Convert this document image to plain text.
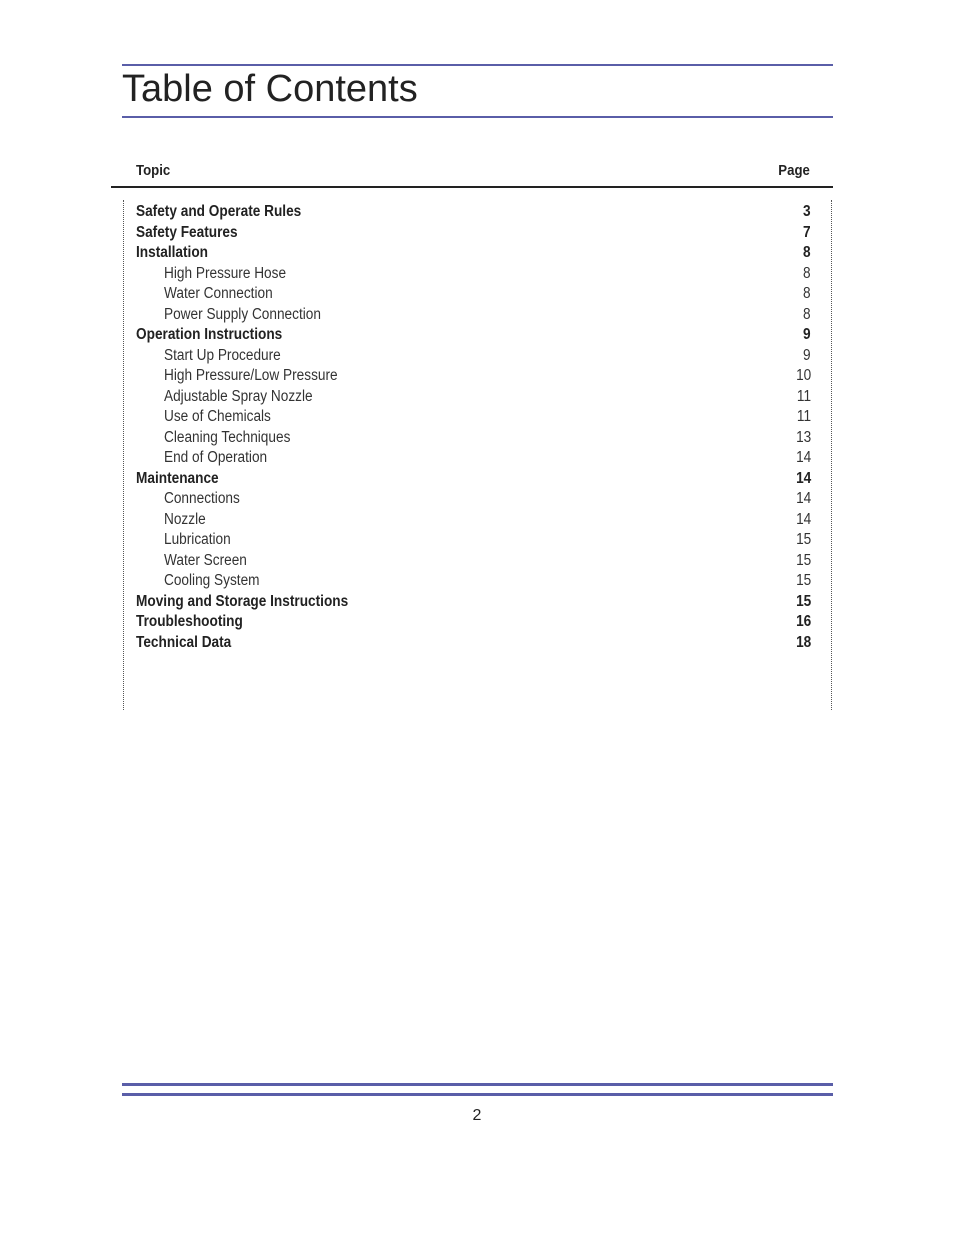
Table of Contents
Topic	Page
Safety and Operate Rules	3
Safety Features	7
Installation	8
High Pressure Hose	8
Water Connection	8
Power Supply Connection	8
Operation Instructions	9
Start Up Procedure	9
High Pressure/Low Pressure	10
Adjustable Spray Nozzle	11
Use of Chemicals	11
Cleaning Techniques	13
End of Operation	14
Maintenance	14
Connections	14
Nozzle	14
Lubrication	15
Water Screen	15
Cooling System	15
Moving and Storage Instructions	15
Troubleshooting	16
Technical Data	18
2
